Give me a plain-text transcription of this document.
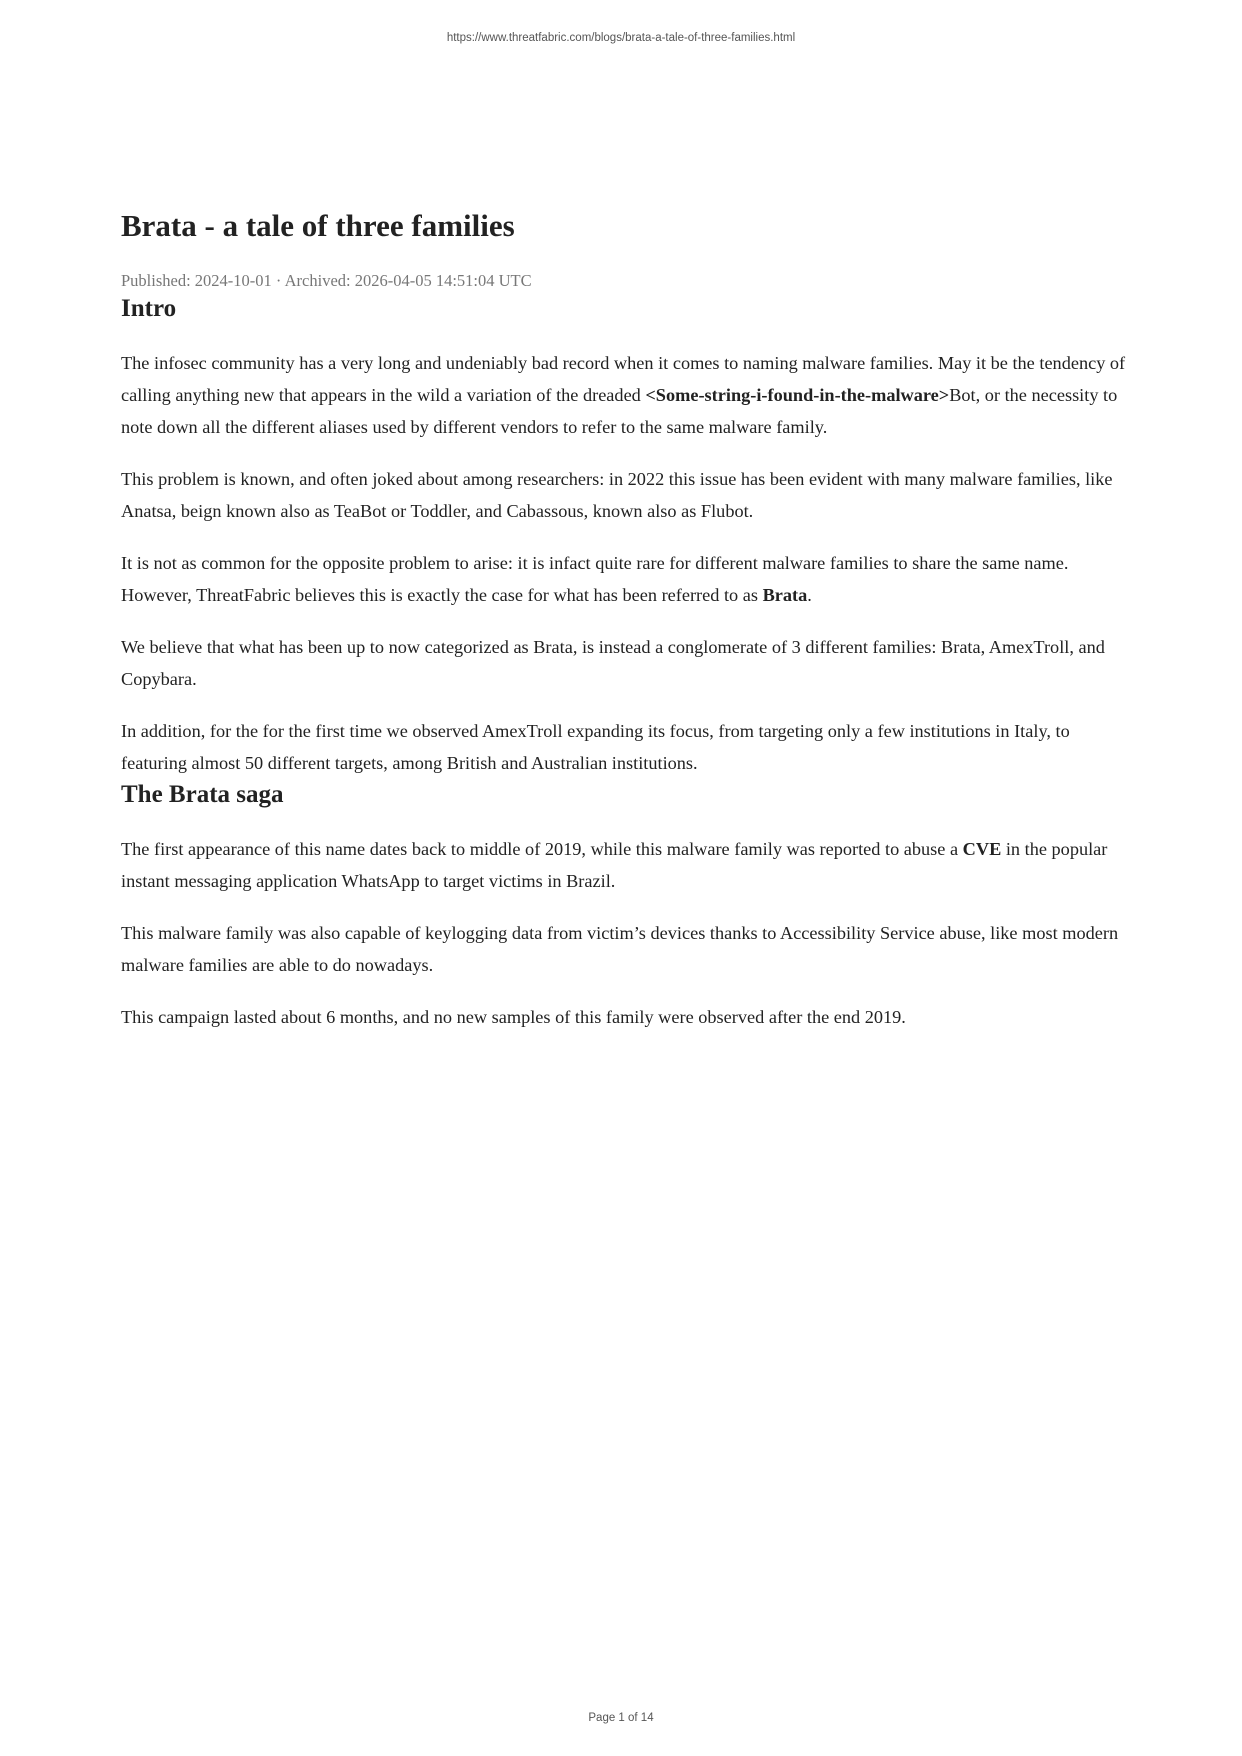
https://www.threatfabric.com/blogs/brata-a-tale-of-three-families.html
Brata - a tale of three families
Published: 2024-10-01 · Archived: 2026-04-05 14:51:04 UTC
Intro

The infosec community has a very long and undeniably bad record when it comes to naming malware families. May it be the tendency of calling anything new that appears in the wild a variation of the dreaded <Some-string-i-found-in-the-malware>Bot, or the necessity to note down all the different aliases used by different vendors to refer to the same malware family.

This problem is known, and often joked about among researchers: in 2022 this issue has been evident with many malware families, like Anatsa, beign known also as TeaBot or Toddler, and Cabassous, known also as Flubot.

It is not as common for the opposite problem to arise: it is infact quite rare for different malware families to share the same name. However, ThreatFabric believes this is exactly the case for what has been referred to as Brata.

We believe that what has been up to now categorized as Brata, is instead a conglomerate of 3 different families: Brata, AmexTroll, and Copybara.

In addition, for the for the first time we observed AmexTroll expanding its focus, from targeting only a few institutions in Italy, to featuring almost 50 different targets, among British and Australian institutions.

The Brata saga

The first appearance of this name dates back to middle of 2019, while this malware family was reported to abuse a CVE in the popular instant messaging application WhatsApp to target victims in Brazil.

This malware family was also capable of keylogging data from victim’s devices thanks to Accessibility Service abuse, like most modern malware families are able to do nowadays.

This campaign lasted about 6 months, and no new samples of this family were observed after the end 2019.

Page 1 of 14
